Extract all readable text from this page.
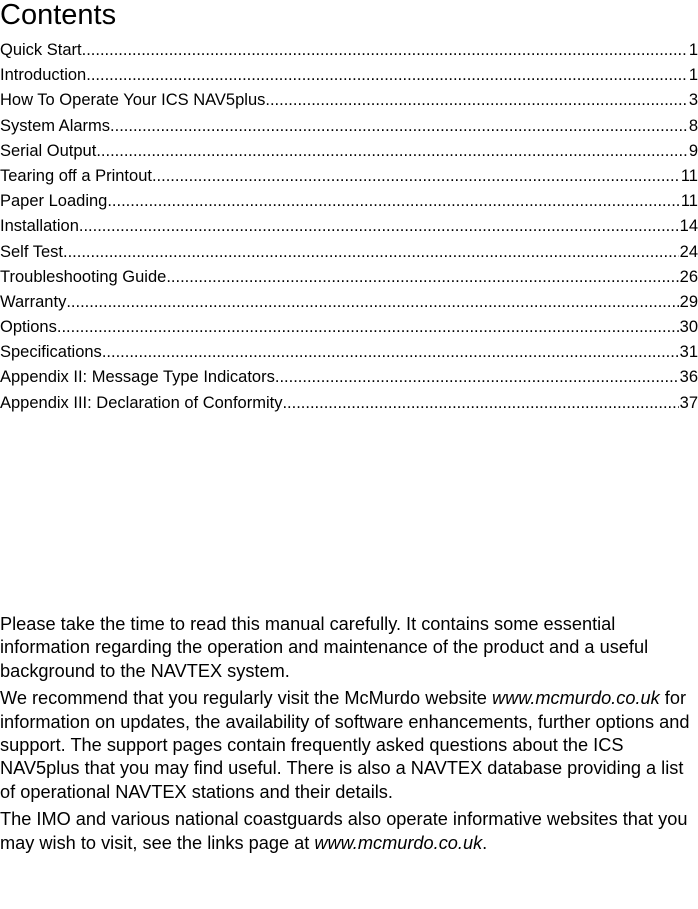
Contents
Quick Start .....	1
Introduction .....	1
How To Operate Your ICS NAV5plus .....	3
System Alarms .....	8
Serial Output .....	9
Tearing off a Printout .....	11
Paper Loading .....	11
Installation .....	14
Self Test .....	24
Troubleshooting Guide .....	26
Warranty .....	29
Options .....	30
Specifications .....	31
Appendix II: Message Type Indicators .....	36
Appendix III: Declaration of Conformity .....	37

Please take the time to read this manual carefully. It contains some essential information regarding the operation and maintenance of the product and a useful background to the NAVTEX system.

We recommend that you regularly visit the McMurdo website www.mcmurdo.co.uk for information on updates, the availability of software enhancements, further options and support. The support pages contain frequently asked questions about the ICS NAV5plus that you may find useful. There is also a NAVTEX database providing a list of operational NAVTEX stations and their details.

The IMO and various national coastguards also operate informative websites that you may wish to visit, see the links page at www.mcmurdo.co.uk.
